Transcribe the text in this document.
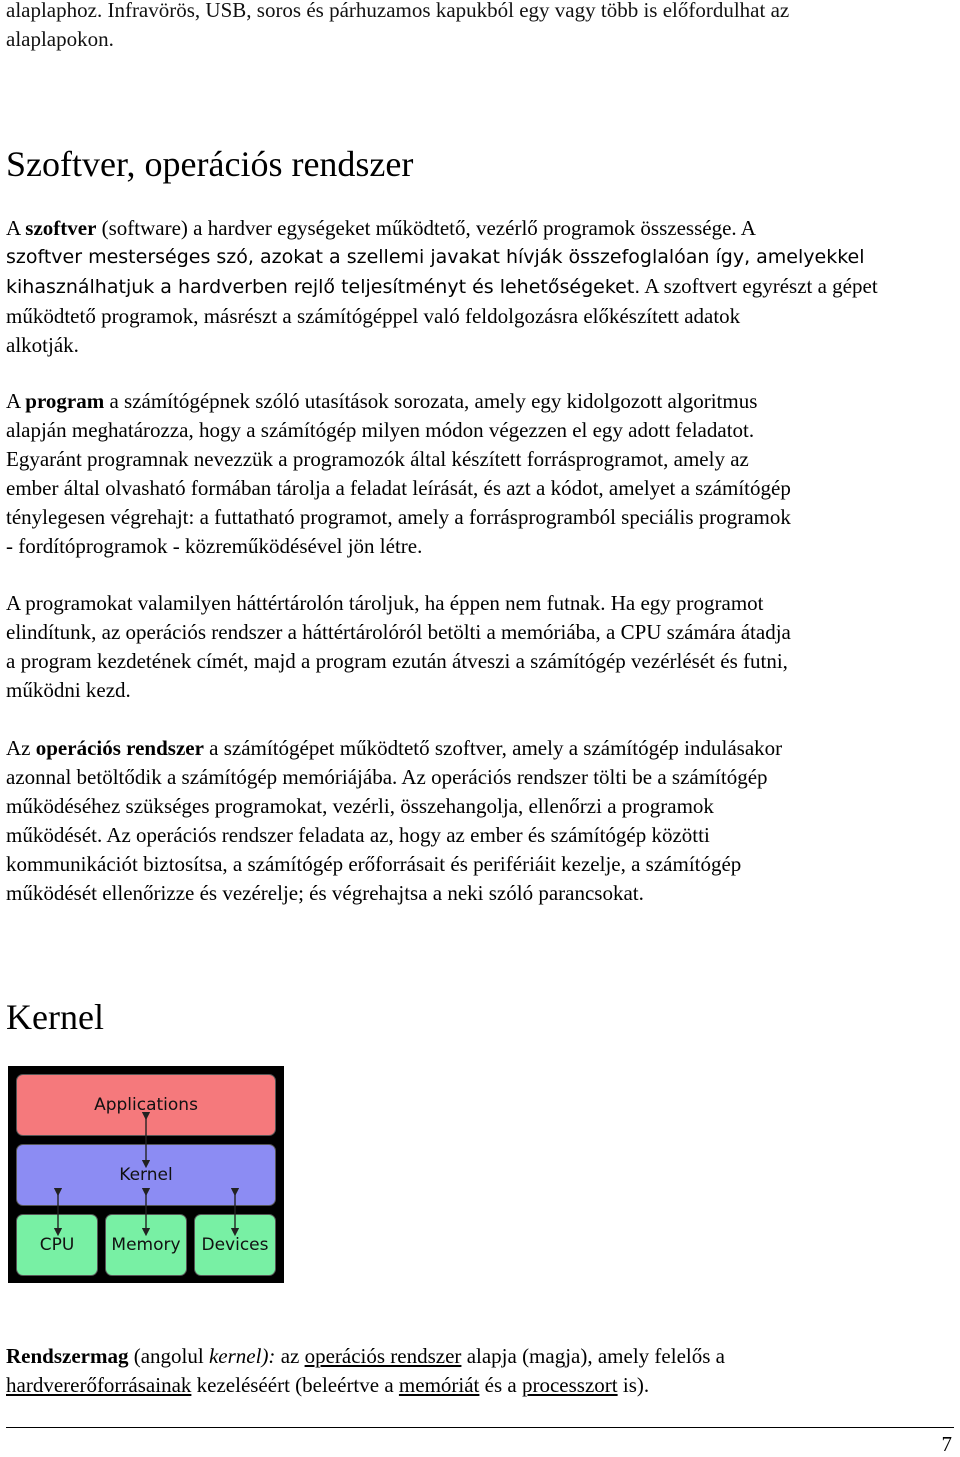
alaplaphoz. Infravörös, USB, soros és párhuzamos kapukból egy vagy több is előfordulhat az
alaplapokon.
Szoftver, operációs rendszer
A szoftver (software) a hardver egységeket működtető, vezérlő programok összessége. A
szoftver mesterséges szó, azokat a szellemi javakat hívják összefoglalóan így, amelyekkel
kihasználhatjuk a hardverben rejlő teljesítményt és lehetőségeket. A szoftvert egyrészt a gépet
működtető programok, másrészt a számítógéppel való feldolgozásra előkészített adatok
alkotják.
A program a számítógépnek szóló utasítások sorozata, amely egy kidolgozott algoritmus
alapján meghatározza, hogy a számítógép milyen módon végezzen el egy adott feladatot.
Egyaránt programnak nevezzük a programozók által készített forrásprogramot, amely az
ember által olvasható formában tárolja a feladat leírását, és azt a kódot, amelyet a számítógép
ténylegesen végrehajt: a futtatható programot, amely a forrásprogramból speciális programok
- fordítóprogramok - közreműködésével jön létre.
A programokat valamilyen háttértárolón tároljuk, ha éppen nem futnak. Ha egy programot
elindítunk, az operációs rendszer a háttértárolóról betölti a memóriába, a CPU számára átadja
a program kezdetének címét, majd a program ezután átveszi a számítógép vezérlését és futni,
működni kezd.
Az operációs rendszer a számítógépet működtető szoftver, amely a számítógép indulásakor
azonnal betöltődik a számítógép memóriájába. Az operációs rendszer tölti be a számítógép
működéséhez szükséges programokat, vezérli, összehangolja, ellenőrzi a programok
működését. Az operációs rendszer feladata az, hogy az ember és számítógép közötti
kommunikációt biztosítsa, a számítógép erőforrásait és perifériáit kezelje, a számítógép
működését ellenőrizze és vezérelje; és végrehajtsa a neki szóló parancsokat.
Kernel
Rendszermag (angolul kernel): az operációs rendszer alapja (magja), amely felelős a
hardvererőforrásainak kezeléséért (beleértve a memóriát és a processzort is).
Applications
Kernel
CPU	Memory	Devices
7
